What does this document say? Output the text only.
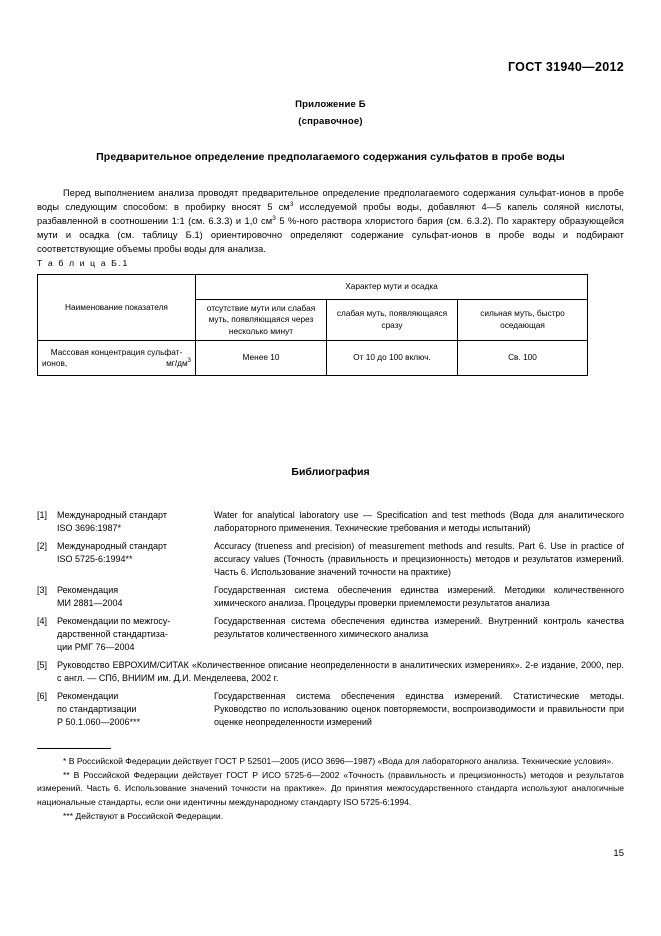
ГОСТ 31940—2012
Приложение Б
(справочное)
Предварительное определение предполагаемого содержания сульфатов в пробе воды
Перед выполнением анализа проводят предварительное определение предполагаемого содержания сульфат-ионов в пробе воды следующим способом: в пробирку вносят 5 $см^3$ исследуемой пробы воды, добавляют 4—5 капель соляной кислоты, разбавленной в соотношении 1:1 (см. 6.3.3) и 1,0 $см^3$ 5 %-ного раствора хлористого бария (см. 6.3.2). По характеру образующейся мути и осадка (см. таблицу Б.1) ориентировочно определяют содержание сульфат-ионов в пробе воды и подбирают соответствующие объемы пробы воды для анализа.
Т а б л и ц а Б.1
Наименование показателя	Характер мути и осадка		
	отсутствие мути или слабая муть, появляющаяся через несколько минут	слабая муть, появляющаяся сразу	сильная муть, быстро оседающая
Массовая концентрация сульфат-ионов, $мг/дм^3$	Менее 10	От 10 до 100 включ.	Св. 100
Библиография
[1]	Международный стандарт
ISO 3696:1987*
Water for analytical laboratory use — Specification and test methods (Вода для аналитического лабораторного применения. Технические требования и методы испытаний)
[2]	Международный стандарт
ISO 5725-6:1994**
Accuracy (trueness and precision) of measurement methods and results. Part 6. Use in practice of accuracy values (Точность (правильность и прецизионность) методов и результатов измерений. Часть 6. Использование значений точности на практике)
[3]	Рекомендация
МИ 2881—2004
Государственная система обеспечения единства измерений. Методики количественного химического анализа. Процедуры проверки приемлемости результатов анализа
[4]	Рекомендации по межгосу-
дарственной стандартиза-
ции РМГ 76—2004
Государственная система обеспечения единства измерений. Внутренний контроль качества результатов количественного химического анализа
[5]	Руководство ЕВРОХИМ/СИТАК «Количественное описание неопределенности в аналитических измерениях». 2-е издание, 2000, пер. с англ. — СПб, ВНИИМ им. Д.И. Менделеева, 2002 г.
[6]	Рекомендации
по стандартизации
Р 50.1.060—2006***
Государственная система обеспечения единства измерений. Статистические методы. Руководство по использованию оценок повторяемости, воспроизводимости и правильности при оценке неопределенности измерений

* В Российской Федерации действует ГОСТ Р 52501—2005 (ИСО 3696—1987) «Вода для лабораторного анализа. Технические условия».

** В Российской Федерации действует ГОСТ Р ИСО 5725-6—2002 «Точность (правильность и прецизионность) методов и результатов измерений. Часть 6. Использование значений точности на практике». До принятия межгосударственного стандарта используют аналогичные национальные стандарты, если они идентичны международному стандарту ISO 5725-6:1994.

*** Действуют в Российской Федерации.

15
